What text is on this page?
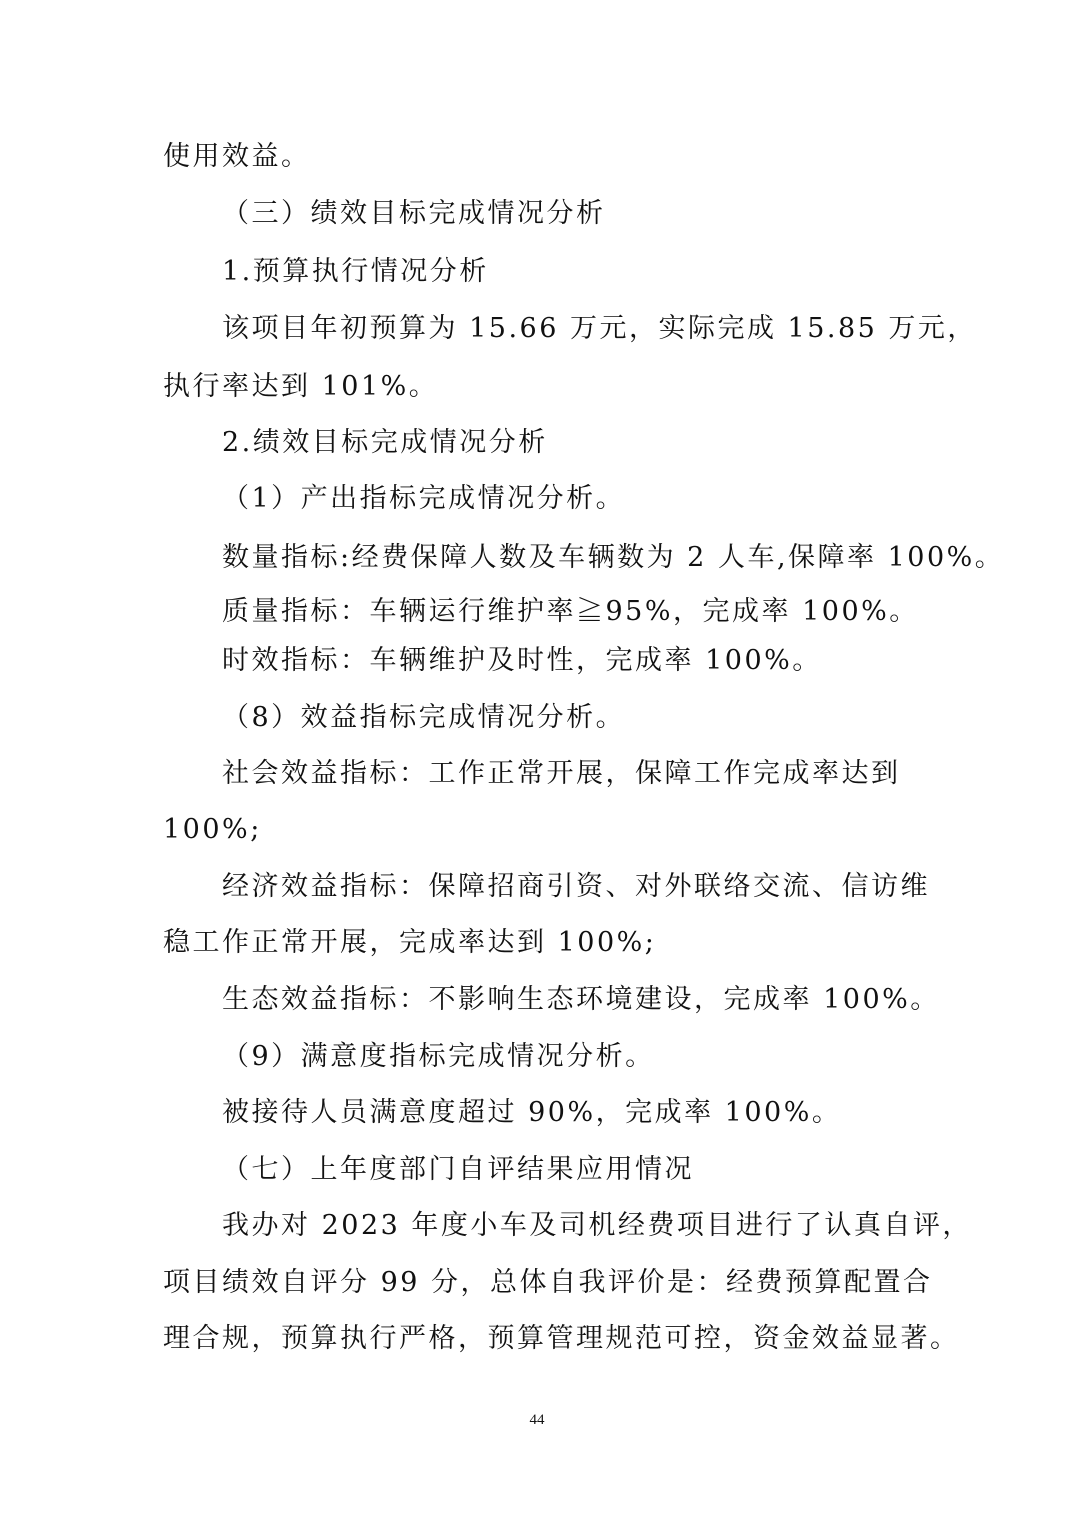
使用效益。
（三）绩效目标完成情况分析
1.预算执行情况分析
该项目年初预算为 15.66 万元，实际完成 15.85 万元，
执行率达到 101%。
2.绩效目标完成情况分析
（1）产出指标完成情况分析。
数量指标:经费保障人数及车辆数为 2 人车,保障率 100%。
质量指标：车辆运行维护率≧95%，完成率 100%。
时效指标：车辆维护及时性，完成率 100%。
（8）效益指标完成情况分析。
社会效益指标：工作正常开展，保障工作完成率达到
100%;
经济效益指标：保障招商引资、对外联络交流、信访维
稳工作正常开展，完成率达到 100%;
生态效益指标：不影响生态环境建设，完成率 100%。
（9）满意度指标完成情况分析。
被接待人员满意度超过 90%，完成率 100%。
（七）上年度部门自评结果应用情况
我办对 2023 年度小车及司机经费项目进行了认真自评，
项目绩效自评分 99 分，总体自我评价是：经费预算配置合
理合规，预算执行严格，预算管理规范可控，资金效益显著。
44
